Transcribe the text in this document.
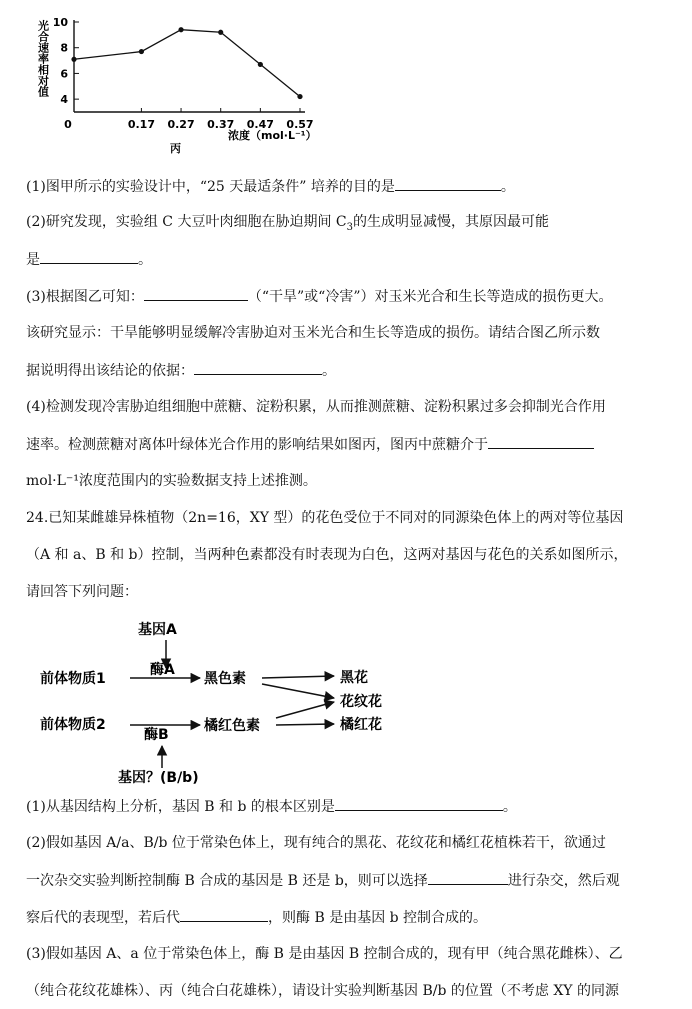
光合速率相对值
4
6
8
10
0	0.17 0.27 0.37 0.47 0.57
浓度（mol·L⁻¹）
丙
(1)图甲所示的实验设计中，“25 天最适条件” 培养的目的是	。
(2)研究发现，实验组 C 大豆叶肉细胞在胁迫期间 $C_3$的生成明显减慢，其原因最可能
是	。
(3)根据图乙可知：	（“干旱”或“冷害”）对玉米光合和生长等造成的损伤更大。
该研究显示：干旱能够明显缓解冷害胁迫对玉米光合和生长等造成的损伤。请结合图乙所示数
据说明得出该结论的依据：	。
(4)检测发现冷害胁迫组细胞中蔗糖、淀粉积累，从而推测蔗糖、淀粉积累过多会抑制光合作用
速率。检测蔗糖对离体叶绿体光合作用的影响结果如图丙，图丙中蔗糖介于
mol·L⁻¹浓度范围内的实验数据支持上述推测。
24.已知某雌雄异株植物（2n=16，XY 型）的花色受位于不同对的同源染色体上的两对等位基因
（A 和 a、B 和 b）控制，当两种色素都没有时表现为白色，这两对基因与花色的关系如图所示，
请回答下列问题：
基因A
酶A
前体物质1	黑色素	黑花
花纹花
前体物质2
酶B
橘红色素	橘红花
基因？(B/b)
(1)从基因结构上分析，基因 B 和 b 的根本区别是	。
(2)假如基因 A/a、B/b 位于常染色体上，现有纯合的黑花、花纹花和橘红花植株若干，欲通过
一次杂交实验判断控制酶 B 合成的基因是 B 还是 b，则可以选择	进行杂交，然后观
察后代的表现型，若后代	，则酶 B 是由基因 b 控制合成的。
(3)假如基因 A、a 位于常染色体上，酶 B 是由基因 B 控制合成的，现有甲（纯合黑花雌株）、乙
（纯合花纹花雄株）、丙（纯合白花雄株），请设计实验判断基因 B/b 的位置（不考虑 XY 的同源
